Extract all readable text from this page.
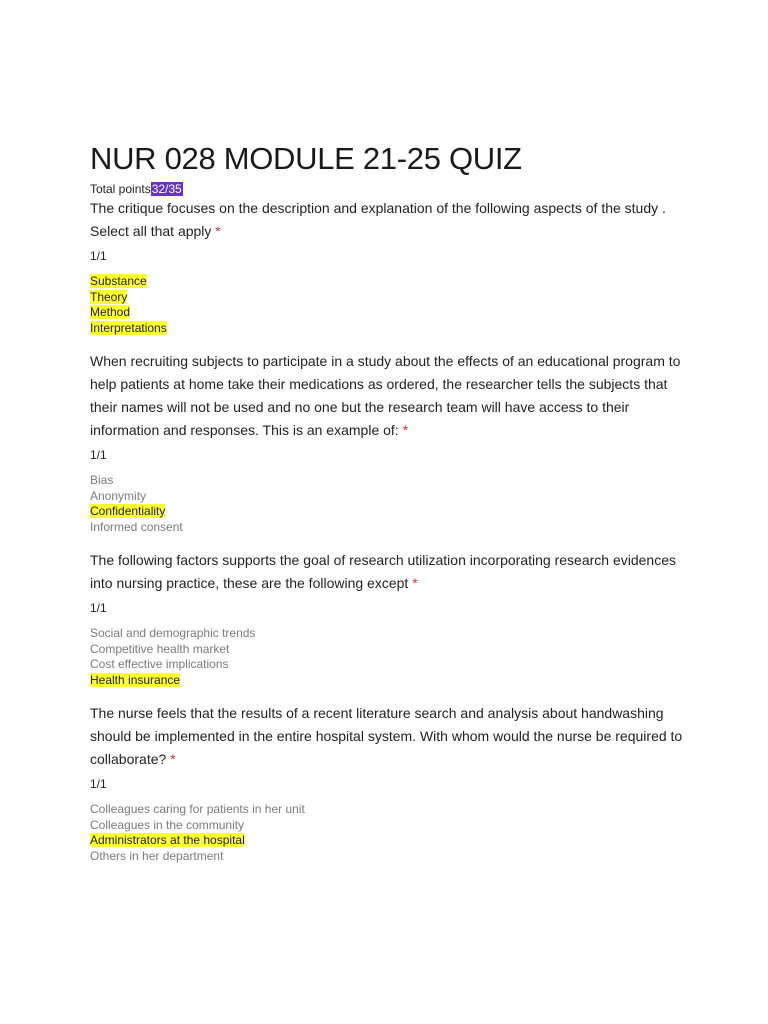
NUR 028 MODULE 21-25 QUIZ
Total points32/35

The critique focuses on the description and explanation of the following aspects of the study . Select all that apply *

1/1
Substance
Theory
Method
Interpretations

When recruiting subjects to participate in a study about the effects of an educational program to help patients at home take their medications as ordered, the researcher tells the subjects that their names will not be used and no one but the research team will have access to their information and responses. This is an example of: *

1/1
Bias
Anonymity
Confidentiality
Informed consent

The following factors supports the goal of research utilization incorporating research evidences into nursing practice, these are the following except *

1/1
Social and demographic trends
Competitive health market
Cost effective implications
Health insurance

The nurse feels that the results of a recent literature search and analysis about handwashing should be implemented in the entire hospital system. With whom would the nurse be required to collaborate? *

1/1
Colleagues caring for patients in her unit
Colleagues in the community
Administrators at the hospital
Others in her department
